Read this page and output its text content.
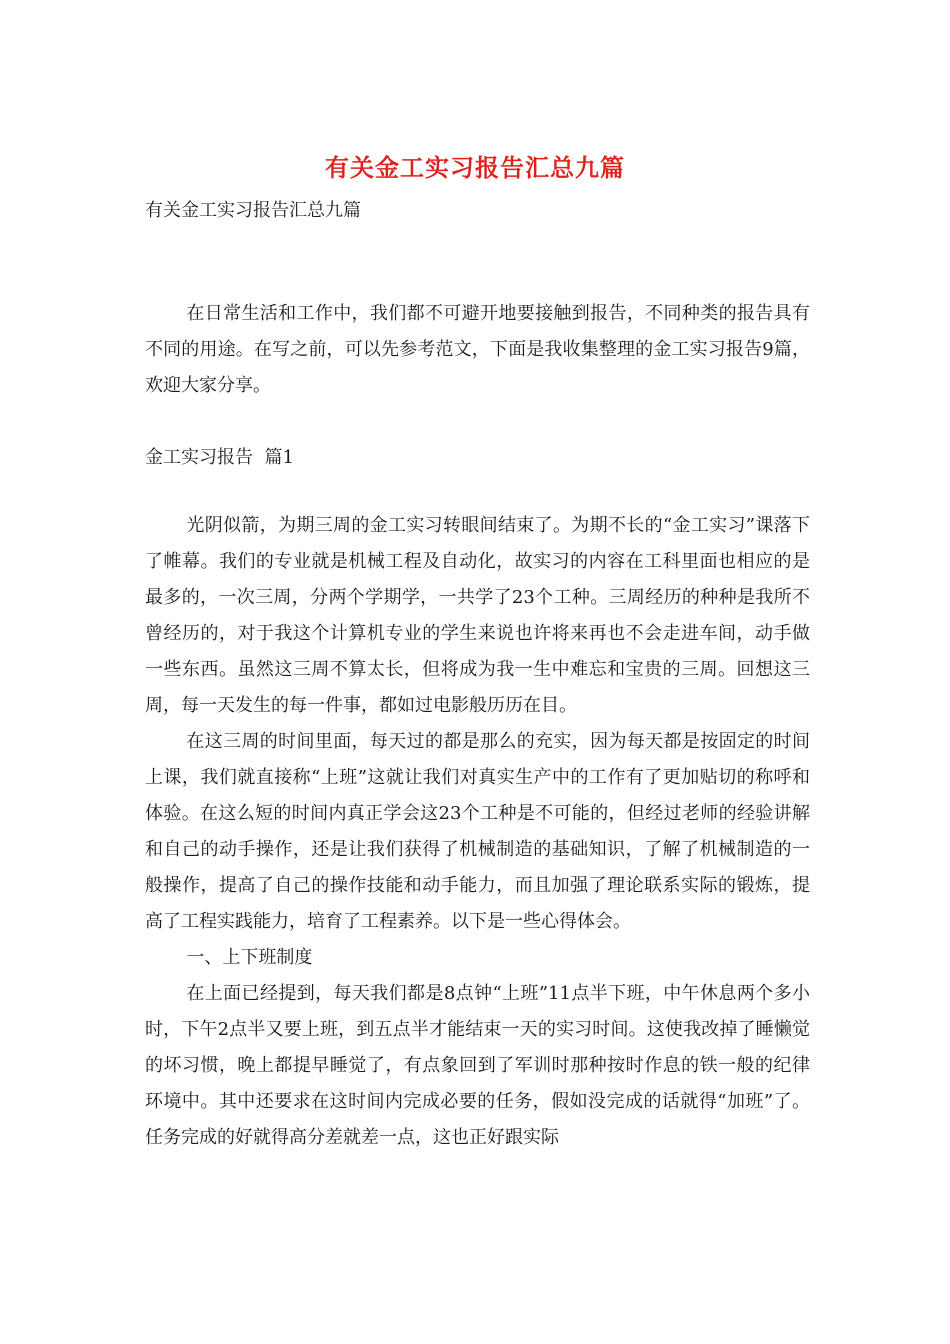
有关金工实习报告汇总九篇
有关金工实习报告汇总九篇

在日常生活和工作中，我们都不可避开地要接触到报告，不同种类的报告具有不同的用途。在写之前，可以先参考范文，下面是我收集整理的金工实习报告9篇，欢迎大家分享。

金工实习报告  篇1

光阴似箭，为期三周的金工实习转眼间结束了。为期不长的“金工实习”课落下了帷幕。我们的专业就是机械工程及自动化，故实习的内容在工科里面也相应的是最多的，一次三周，分两个学期学，一共学了23个工种。三周经历的种种是我所不曾经历的，对于我这个计算机专业的学生来说也许将来再也不会走进车间，动手做一些东西。虽然这三周不算太长，但将成为我一生中难忘和宝贵的三周。回想这三周，每一天发生的每一件事，都如过电影般历历在目。

在这三周的时间里面，每天过的都是那么的充实，因为每天都是按固定的时间上课，我们就直接称“上班”这就让我们对真实生产中的工作有了更加贴切的称呼和体验。在这么短的时间内真正学会这23个工种是不可能的，但经过老师的经验讲解和自己的动手操作，还是让我们获得了机械制造的基础知识，了解了机械制造的一般操作，提高了自己的操作技能和动手能力，而且加强了理论联系实际的锻炼，提高了工程实践能力，培育了工程素养。以下是一些心得体会。

一、上下班制度

在上面已经提到，每天我们都是8点钟“上班”11点半下班，中午休息两个多小时，下午2点半又要上班，到五点半才能结束一天的实习时间。这使我改掉了睡懒觉的坏习惯，晚上都提早睡觉了，有点象回到了军训时那种按时作息的铁一般的纪律环境中。其中还要求在这时间内完成必要的任务，假如没完成的话就得“加班”了。任务完成的好就得高分差就差一点，这也正好跟实际
